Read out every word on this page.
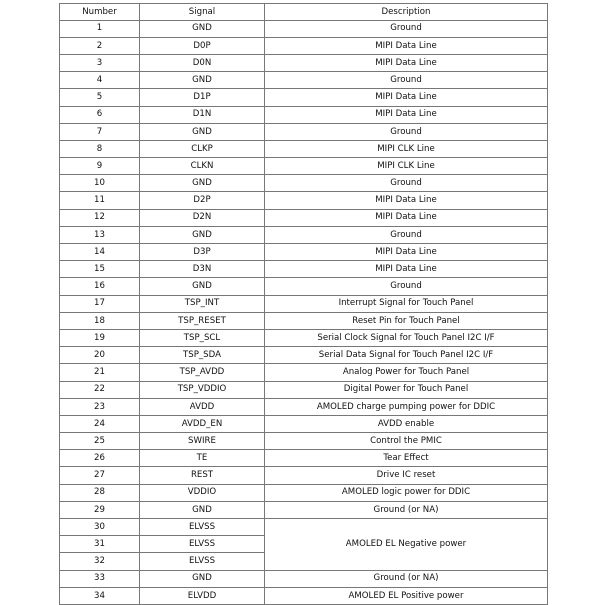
Number	Signal	Description
1	GND	Ground
2	D0P	MIPI Data Line
3	D0N	MIPI Data Line
4	GND	Ground
5	D1P	MIPI Data Line
6	D1N	MIPI Data Line
7	GND	Ground
8	CLKP	MIPI CLK Line
9	CLKN	MIPI CLK Line
10	GND	Ground
11	D2P	MIPI Data Line
12	D2N	MIPI Data Line
13	GND	Ground
14	D3P	MIPI Data Line
15	D3N	MIPI Data Line
16	GND	Ground
17	TSP_INT	Interrupt Signal for Touch Panel
18	TSP_RESET	Reset Pin for Touch Panel
19	TSP_SCL	Serial Clock Signal for Touch Panel I2C I/F
20	TSP_SDA	Serial Data Signal for Touch Panel I2C I/F
21	TSP_AVDD	Analog Power for Touch Panel
22	TSP_VDDIO	Digital Power for Touch Panel
23	AVDD	AMOLED charge pumping power for DDIC
24	AVDD_EN	AVDD enable
25	SWIRE	Control the PMIC
26	TE	Tear Effect
27	REST	Drive IC reset
28	VDDIO	AMOLED logic power for DDIC
29	GND	Ground (or NA)
30	ELVSS	AMOLED EL Negative power
31	ELVSS	
32	ELVSS	
33	GND	Ground (or NA)
34	ELVDD	AMOLED EL Positive power
